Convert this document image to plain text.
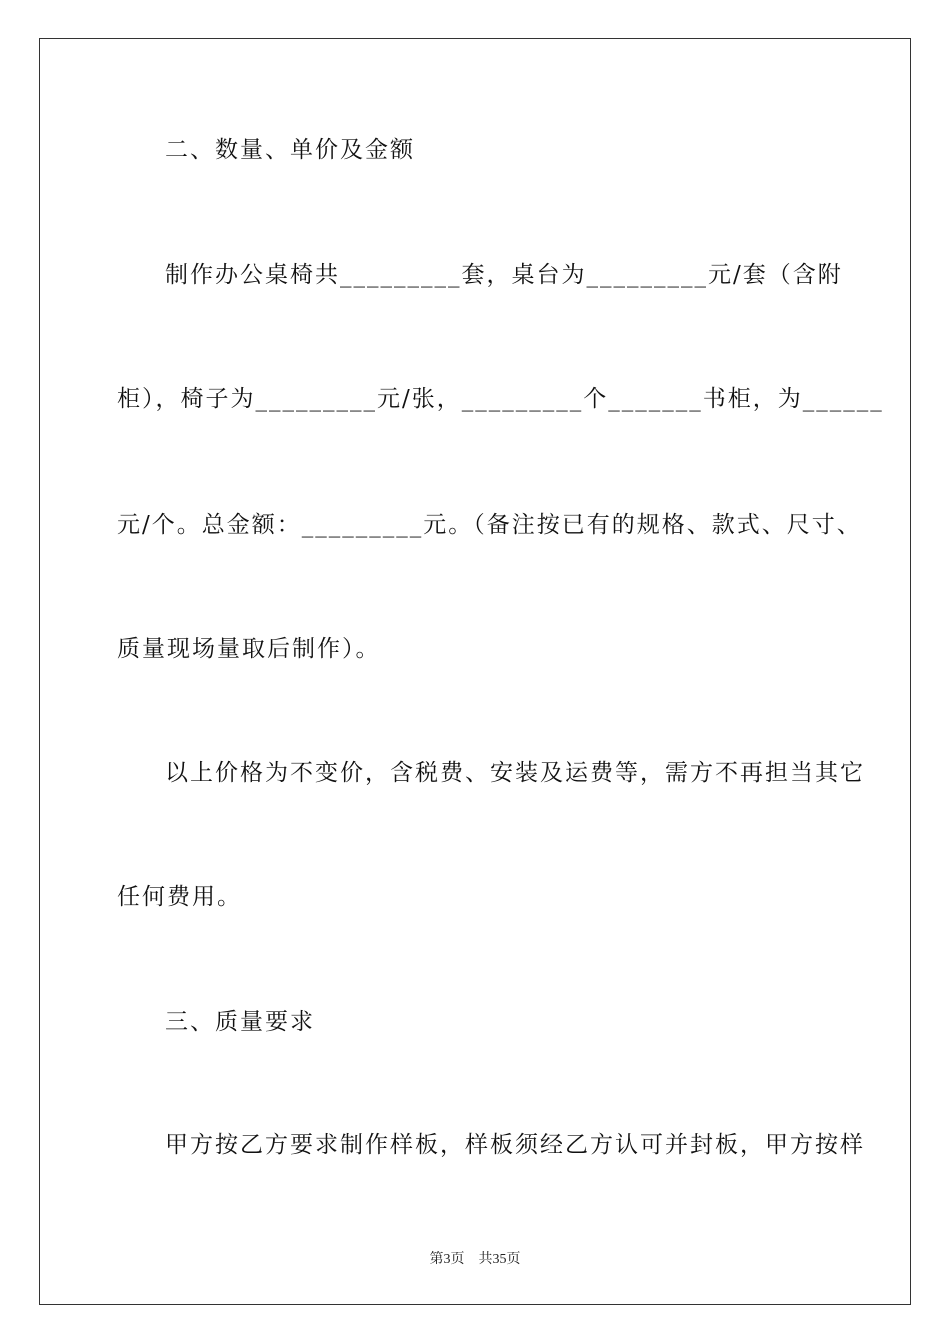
二、数量、单价及金额
制作办公桌椅共_________套，桌台为_________元/套（含附
柜），椅子为_________元/张，_________个_______书柜，为______
元/个。总金额：_________元。（备注按已有的规格、款式、尺寸、
质量现场量取后制作）。
以上价格为不变价，含税费、安装及运费等，需方不再担当其它
任何费用。
三、质量要求
甲方按乙方要求制作样板，样板须经乙方认可并封板，甲方按样
第3页 共35页
